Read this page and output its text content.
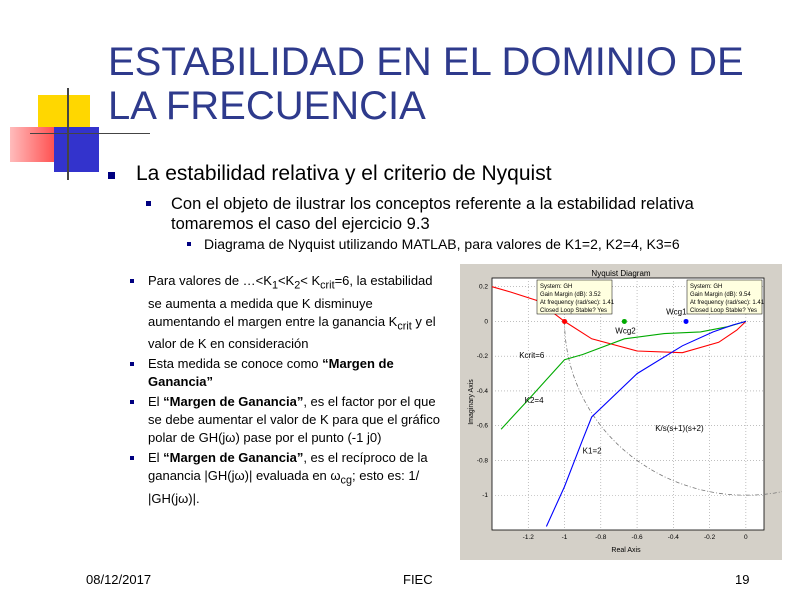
ESTABILIDAD EN EL DOMINIO DE LA FRECUENCIA
La estabilidad relativa y el criterio de Nyquist
Con el objeto de ilustrar los conceptos referente a la estabilidad relativa tomaremos el caso del ejercicio 9.3
Diagrama de Nyquist utilizando MATLAB, para valores de K1=2, K2=4, K3=6
Para valores de $\dots<K_1<K_2< K_{crit}=6$, la estabilidad se aumenta a medida que K disminuye aumentando el margen entre la ganancia $K_{crit}$ y el valor de K en consideración
Esta medida se conoce como “Margen de Ganancia”
El “Margen de Ganancia”, es el factor por el que se debe aumentar el valor de K para que el gráfico polar de GH(jω) pase por el punto (-1 j0)
El “Margen de Ganancia”, es el recíproco de la ganancia |GH(jω)| evaluada en $\omega_{cg}$; esto es: 1/ |GH(jω)|.
Nyquist Diagram
Real Axis
Imaginary Axis
-1.2	-1	-0.8	-0.6	-0.4	-0.2	0
0.2
0
-0.2
-0.4
-0.6
-0.8
-1
Kcrit=6
K2=4
K1=2
Wcg1
Wcg2
K/s(s+1)(s+2)
System: GH
Gain Margin (dB): 3.52
At frequency (rad/sec): 1.41
Closed Loop Stable? Yes
System: GH
Gain Margin (dB): 9.54
At frequency (rad/sec): 1.41
Closed Loop Stable? Yes
08/12/2017	FIEC	19
